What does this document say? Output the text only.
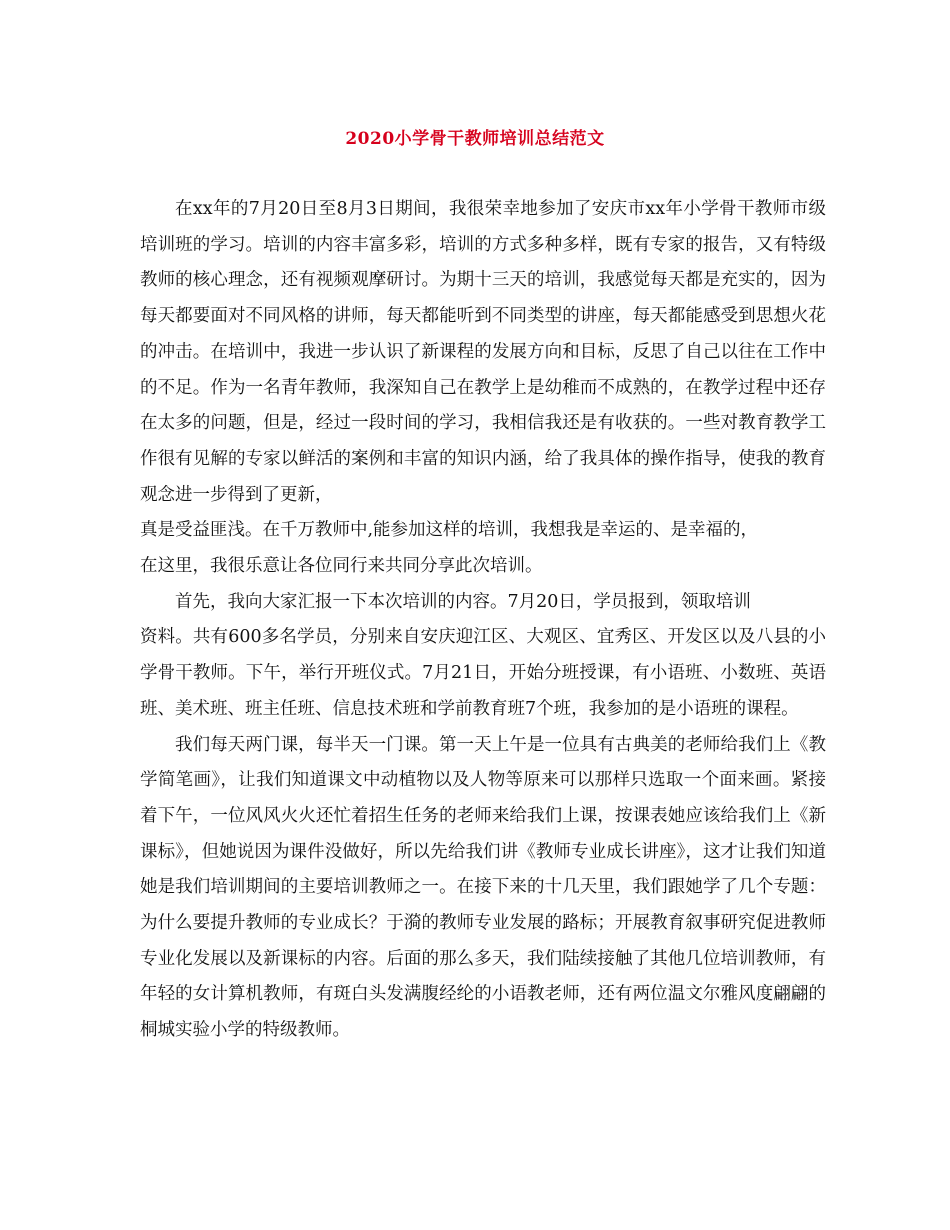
2020小学骨干教师培训总结范文

在xx年的7月20日至8月3日期间，我很荣幸地参加了安庆市xx年小学骨干教师市级培训班的学习。培训的内容丰富多彩，培训的方式多种多样，既有专家的报告，又有特级教师的核心理念，还有视频观摩研讨。为期十三天的培训，我感觉每天都是充实的，因为每天都要面对不同风格的讲师，每天都能听到不同类型的讲座，每天都能感受到思想火花的冲击。在培训中，我进一步认识了新课程的发展方向和目标，反思了自己以往在工作中的不足。作为一名青年教师，我深知自己在教学上是幼稚而不成熟的，在教学过程中还存在太多的问题，但是，经过一段时间的学习，我相信我还是有收获的。一些对教育教学工作很有见解的专家以鲜活的案例和丰富的知识内涵，给了我具体的操作指导，使我的教育观念进一步得到了更新，
真是受益匪浅。在千万教师中,能参加这样的培训，我想我是幸运的、是幸福的，
在这里，我很乐意让各位同行来共同分享此次培训。

首先，我向大家汇报一下本次培训的内容。7月20日，学员报到，领取培训
资料。共有600多名学员，分别来自安庆迎江区、大观区、宜秀区、开发区以及八县的小学骨干教师。下午，举行开班仪式。7月21日，开始分班授课，有小语班、小数班、英语班、美术班、班主任班、信息技术班和学前教育班7个班，我参加的是小语班的课程。

我们每天两门课，每半天一门课。第一天上午是一位具有古典美的老师给我们上《教学简笔画》，让我们知道课文中动植物以及人物等原来可以那样只选取一个面来画。紧接着下午，一位风风火火还忙着招生任务的老师来给我们上课，按课表她应该给我们上《新课标》，但她说因为课件没做好，所以先给我们讲《教师专业成长讲座》，这才让我们知道她是我们培训期间的主要培训教师之一。在接下来的十几天里，我们跟她学了几个专题：为什么要提升教师的专业成长？于漪的教师专业发展的路标；开展教育叙事研究促进教师专业化发展以及新课标的内容。后面的那么多天，我们陆续接触了其他几位培训教师，有年轻的女计算机教师，有斑白头发满腹经纶的小语教老师，还有两位温文尔雅风度翩翩的桐城实验小学的特级教师。
